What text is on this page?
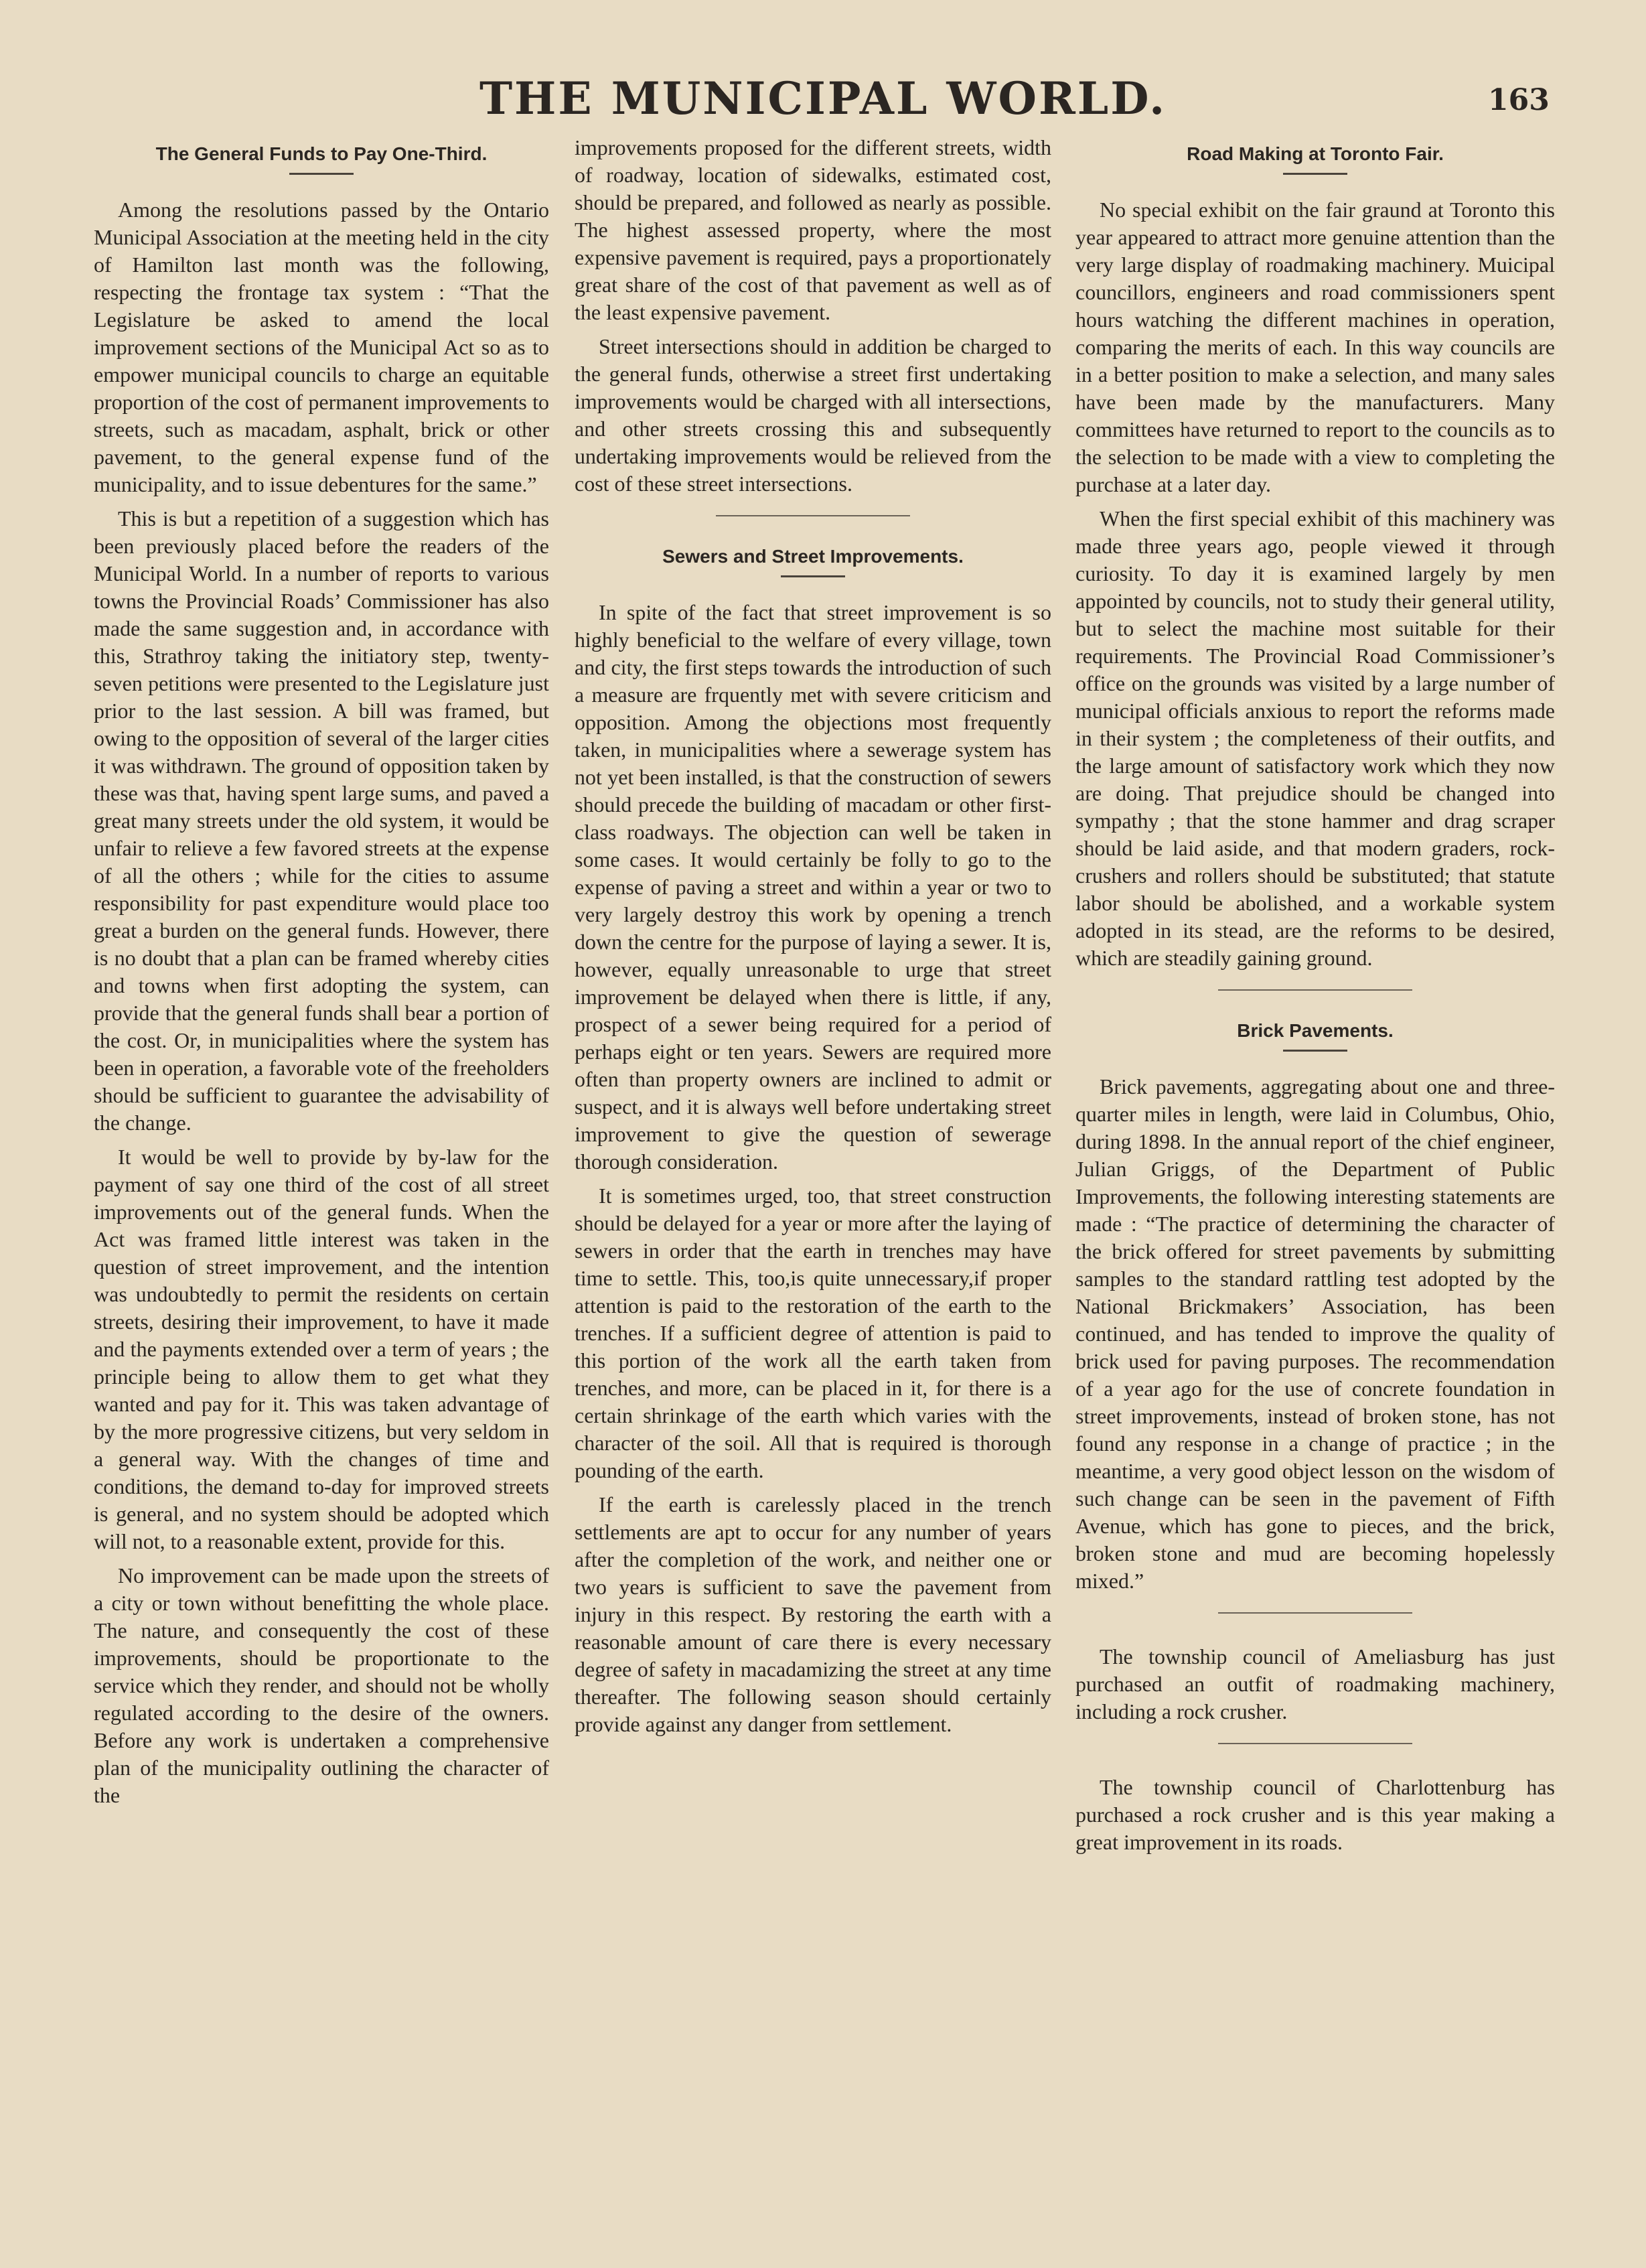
THE MUNICIPAL WORLD.	163
The General Funds to Pay One-Third.

Among the resolutions passed by the Ontario Municipal Association at the meeting held in the city of Hamilton last month was the following, respecting the frontage tax system : “That the Legislature be asked to amend the local improvement sections of the Municipal Act so as to empower municipal councils to charge an equitable proportion of the cost of permanent improvements to streets, such as macadam, asphalt, brick or other pavement, to the general expense fund of the municipality, and to issue debentures for the same.”

This is but a repetition of a suggestion which has been previously placed before the readers of the Municipal World. In a number of reports to various towns the Provincial Roads’ Commissioner has also made the same suggestion and, in accordance with this, Strathroy taking the initiatory step, twenty-seven petitions were presented to the Legislature just prior to the last session. A bill was framed, but owing to the opposition of several of the larger cities it was withdrawn. The ground of opposition taken by these was that, having spent large sums, and paved a great many streets under the old system, it would be unfair to relieve a few favored streets at the expense of all the others ; while for the cities to assume responsibility for past expenditure would place too great a burden on the general funds. However, there is no doubt that a plan can be framed whereby cities and towns when first adopting the system, can provide that the general funds shall bear a portion of the cost. Or, in municipalities where the system has been in operation, a favorable vote of the freeholders should be sufficient to guarantee the advisability of the change.

It would be well to provide by by-law for the payment of say one third of the cost of all street improvements out of the general funds. When the Act was framed little interest was taken in the question of street improvement, and the intention was undoubtedly to permit the residents on certain streets, desiring their improvement, to have it made and the payments extended over a term of years ; the principle being to allow them to get what they wanted and pay for it. This was taken advantage of by the more progressive citizens, but very seldom in a general way. With the changes of time and conditions, the demand to-day for improved streets is general, and no system should be adopted which will not, to a reasonable extent, provide for this.

No improvement can be made upon the streets of a city or town without benefitting the whole place. The nature, and consequently the cost of these improvements, should be proportionate to the service which they render, and should not be wholly regulated according to the desire of the owners. Before any work is undertaken a comprehensive plan of the municipality outlining the character of the

improvements proposed for the different streets, width of roadway, location of sidewalks, estimated cost, should be prepared, and followed as nearly as possible. The highest assessed property, where the most expensive pavement is required, pays a proportionately great share of the cost of that pavement as well as of the least expensive pavement.

Street intersections should in addition be charged to the general funds, otherwise a street first undertaking improvements would be charged with all intersections, and other streets crossing this and subsequently undertaking improvements would be relieved from the cost of these street intersections.

Sewers and Street Improvements.

In spite of the fact that street improvement is so highly beneficial to the welfare of every village, town and city, the first steps towards the introduction of such a measure are frquently met with severe criticism and opposition. Among the objections most frequently taken, in municipalities where a sewerage system has not yet been installed, is that the construction of sewers should precede the building of macadam or other first-class roadways. The objection can well be taken in some cases. It would certainly be folly to go to the expense of paving a street and within a year or two to very largely destroy this work by opening a trench down the centre for the purpose of laying a sewer. It is, however, equally unreasonable to urge that street improvement be delayed when there is little, if any, prospect of a sewer being required for a period of perhaps eight or ten years. Sewers are required more often than property owners are inclined to admit or suspect, and it is always well before undertaking street improvement to give the question of sewerage thorough consideration.

It is sometimes urged, too, that street construction should be delayed for a year or more after the laying of sewers in order that the earth in trenches may have time to settle. This, too,is quite unnecessary,if proper attention is paid to the restoration of the earth to the trenches. If a sufficient degree of attention is paid to this portion of the work all the earth taken from trenches, and more, can be placed in it, for there is a certain shrinkage of the earth which varies with the character of the soil. All that is required is thorough pounding of the earth.

If the earth is carelessly placed in the trench settlements are apt to occur for any number of years after the completion of the work, and neither one or two years is sufficient to save the pavement from injury in this respect. By restoring the earth with a reasonable amount of care there is every necessary degree of safety in macadamizing the street at any time thereafter. The following season should certainly provide against any danger from settlement.

Road Making at Toronto Fair.

No special exhibit on the fair graund at Toronto this year appeared to attract more genuine attention than the very large display of roadmaking machinery. Muicipal councillors, engineers and road commissioners spent hours watching the different machines in operation, comparing the merits of each. In this way councils are in a better position to make a selection, and many sales have been made by the manufacturers. Many committees have returned to report to the councils as to the selection to be made with a view to completing the purchase at a later day.

When the first special exhibit of this machinery was made three years ago, people viewed it through curiosity. To day it is examined largely by men appointed by councils, not to study their general utility, but to select the machine most suitable for their requirements. The Provincial Road Commissioner’s office on the grounds was visited by a large number of municipal officials anxious to report the reforms made in their system ; the completeness of their outfits, and the large amount of satisfactory work which they now are doing. That prejudice should be changed into sympathy ; that the stone hammer and drag scraper should be laid aside, and that modern graders, rock-crushers and rollers should be substituted; that statute labor should be abolished, and a workable system adopted in its stead, are the reforms to be desired, which are steadily gaining ground.

Brick Pavements.

Brick pavements, aggregating about one and three-quarter miles in length, were laid in Columbus, Ohio, during 1898. In the annual report of the chief engineer, Julian Griggs, of the Department of Public Improvements, the following interesting statements are made : “The practice of determining the character of the brick offered for street pavements by submitting samples to the standard rattling test adopted by the National Brickmakers’ Association, has been continued, and has tended to improve the quality of brick used for paving purposes. The recommendation of a year ago for the use of concrete foundation in street improvements, instead of broken stone, has not found any response in a change of practice ; in the meantime, a very good object lesson on the wisdom of such change can be seen in the pavement of Fifth Avenue, which has gone to pieces, and the brick, broken stone and mud are becoming hopelessly mixed.”

The township council of Ameliasburg has just purchased an outfit of roadmaking machinery, including a rock crusher.

The township council of Charlottenburg has purchased a rock crusher and is this year making a great improvement in its roads.
